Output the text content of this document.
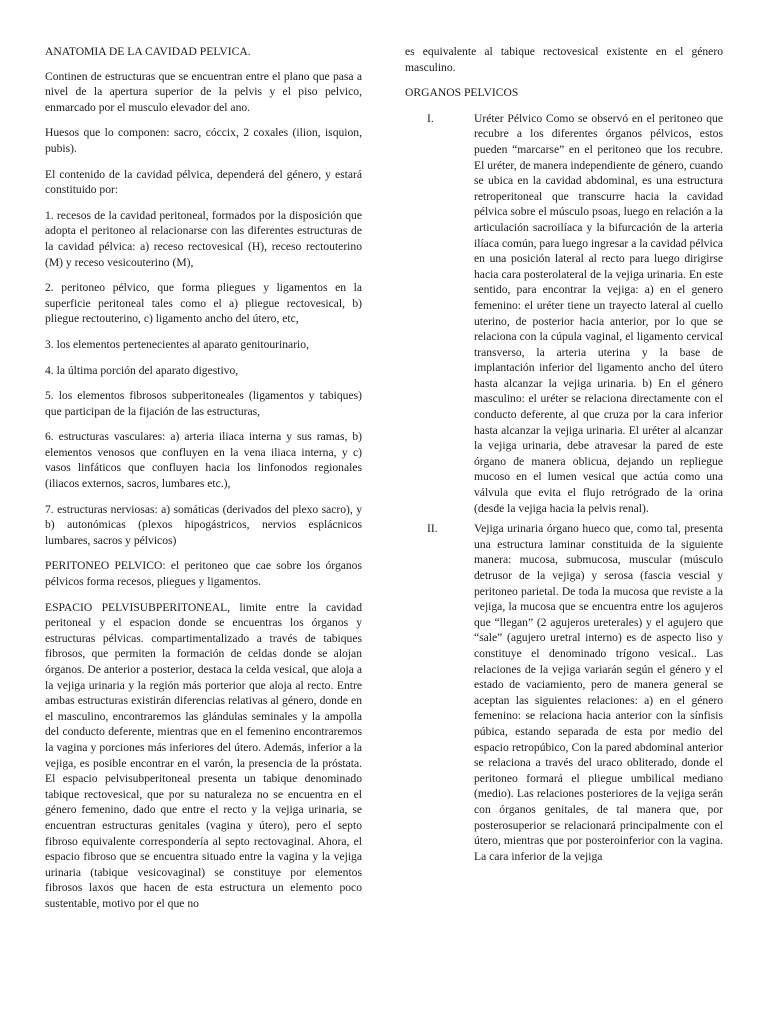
ANATOMIA DE LA CAVIDAD PELVICA.

Continen de estructuras que se encuentran entre el plano que pasa a nivel de la apertura superior de la pelvis y el piso pelvico, enmarcado por el musculo elevador del ano.

Huesos que lo componen: sacro, cóccix, 2 coxales (ilion, isquion, pubis).

El contenido de la cavidad pélvica, dependerá del género, y estará constituido por:

1. recesos de la cavidad peritoneal, formados por la disposición que adopta el peritoneo al relacionarse con las diferentes estructuras de la cavidad pélvica: a) receso rectovesical (H), receso rectouterino (M) y receso vesicouterino (M),

2. peritoneo pélvico, que forma pliegues y ligamentos en la superficie peritoneal tales como el a) pliegue rectovesical, b) pliegue rectouterino, c) ligamento ancho del útero, etc,

3. los elementos pertenecientes al aparato genitourinario,

4. la última porción del aparato digestivo,

5. los elementos fibrosos subperitoneales (ligamentos y tabiques) que participan de la fijación de las estructuras,

6. estructuras vasculares: a) arteria iliaca interna y sus ramas, b) elementos venosos que confluyen en la vena iliaca interna, y c) vasos linfáticos que confluyen hacia los linfonodos regionales (iliacos externos, sacros, lumbares etc.),

7. estructuras nerviosas: a) somáticas (derivados del plexo sacro), y b) autonómicas (plexos hipogástricos, nervios esplácnicos lumbares, sacros y pélvicos)

PERITONEO PELVICO: el peritoneo que cae sobre los órganos pélvicos forma recesos, pliegues y ligamentos.

ESPACIO PELVISUBPERITONEAL, limite entre la cavidad peritoneal y el espacion donde se encuentras los órganos y estructuras pélvicas. compartimentalizado a través de tabiques fibrosos, que permiten la formación de celdas donde se alojan órganos. De anterior a posterior, destaca la celda vesical, que aloja a la vejiga urinaria y la región más porterior que aloja al recto. Entre ambas estructuras existirán diferencias relativas al género, donde en el masculino, encontraremos las glándulas seminales y la ampolla del conducto deferente, mientras que en el femenino encontraremos la vagina y porciones más inferiores del útero. Además, inferior a la vejiga, es posible encontrar en el varón, la presencia de la próstata. El espacio pelvisubperitoneal presenta un tabique denominado tabique rectovesical, que por su naturaleza no se encuentra en el género femenino, dado que entre el recto y la vejiga urinaria, se encuentran estructuras genitales (vagina y útero), pero el septo fibroso equivalente correspondería al septo rectovaginal. Ahora, el espacio fibroso que se encuentra situado entre la vagina y la vejiga urinaria (tabique vesicovaginal) se constituye por elementos fibrosos laxos que hacen de esta estructura un elemento poco sustentable, motivo por el que no

es equivalente al tabique rectovesical existente en el género masculino.

ORGANOS PELVICOS

I.	Uréter Pélvico Como se observó en el peritoneo que recubre a los diferentes órganos pélvicos, estos pueden “marcarse” en el peritoneo que los recubre. El uréter, de manera independiente de género, cuando se ubica en la cavidad abdominal, es una estructura retroperitoneal que transcurre hacia la cavidad pélvica sobre el músculo psoas, luego en relación a la articulación sacroilíaca y la bifurcación de la arteria ilíaca común, para luego ingresar a la cavidad pélvica en una posición lateral al recto para luego dirigirse hacia cara posterolateral de la vejiga urinaria. En este sentido, para encontrar la vejiga: a) en el genero femenino: el uréter tiene un trayecto lateral al cuello uterino, de posterior hacia anterior, por lo que se relaciona con la cúpula vaginal, el ligamento cervical transverso, la arteria uterina y la base de implantación inferior del ligamento ancho del útero hasta alcanzar la vejiga urinaria. b) En el género masculino: el uréter se relaciona directamente con el conducto deferente, al que cruza por la cara inferior hasta alcanzar la vejiga urinaria. El uréter al alcanzar la vejiga urinaria, debe atravesar la pared de este órgano de manera oblicua, dejando un repliegue mucoso en el lumen vesical que actúa como una válvula que evita el flujo retrógrado de la orina (desde la vejiga hacia la pelvis renal).
II.	Vejiga urinaria órgano hueco que, como tal, presenta una estructura laminar constituida de la siguiente manera: mucosa, submucosa, muscular (músculo detrusor de la vejiga) y serosa (fascia vescial y peritoneo parietal. De toda la mucosa que reviste a la vejiga, la mucosa que se encuentra entre los agujeros que “llegan” (2 agujeros ureterales) y el agujero que “sale” (agujero uretral interno) es de aspecto liso y constituye el denominado trígono vesical.. Las relaciones de la vejiga variarán según el género y el estado de vaciamiento, pero de manera general se aceptan las siguientes relaciones: a) en el género femenino: se relaciona hacia anterior con la sínfisis púbica, estando separada de esta por medio del espacio retropúbico, Con la pared abdominal anterior se relaciona a través del uraco obliterado, donde el peritoneo formará el pliegue umbilical mediano (medio). Las relaciones posteriores de la vejiga serán con órganos genitales, de tal manera que, por posterosuperior se relacionará principalmente con el útero, mientras que por posteroinferior con la vagina. La cara inferior de la vejiga
